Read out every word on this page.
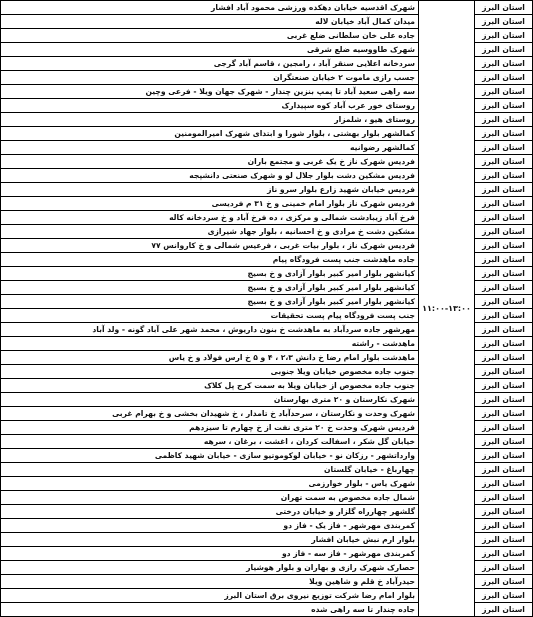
شهرک اقدسیه خیابان دهکده ورزشی محمود آباد افشار	۱۱:۰۰-۱۳:۰۰	استان البرز
میدان کمال آباد خیابان لاله		استان البرز
جاده علی خان سلطانی ضلع غربی		استان البرز
شهرک طاووسیه ضلع شرقی		استان البرز
سردخانه اعلایی سنقر آباد ، رامجین ، قاسم آباد گرجی		استان البرز
جسب رازی ماموت ۲ خیابان صنعتگران		استان البرز
سه راهی سعید آباد تا پمپ بنزین چندار - شهرک جهان ویلا - فرعی وچین		استان البرز
روستای خور عرب آباد کوه سپیدارک		استان البرز
روستای هیو ، شلمزار		استان البرز
کمالشهر بلوار بهشتی ، بلوار شورا و ابتدای شهرک امیرالمومنین		استان البرز
کمالشهر رضوانیه		استان البرز
فردیس شهرک ناز خ یک غربی و مجتمع باران		استان البرز
فردیس مشکین دشت بلوار جلال لو و شهرک صنعتی دانشپجه		استان البرز
فردیس خیابان شهید زارع بلوار سرو ناز		استان البرز
فردیس شهرک ناز بلوار امام خمینی و خ ۳۱ م فردیسی		استان البرز
فرخ آباد زیبادشت شمالی و مرکزی ، ده فرخ آباد و خ سردخانه کاله		استان البرز
مشکین دشت خ مرادی و خ احسانیه ، بلوار جهاد شیرازی		استان البرز
فردیس شهرک ناز ، بلوار بیات غربی ، فرعیس شمالی و خ کاروانس ۷۷		استان البرز
جاده ماهدشت جنب پست فرودگاه پیام		استان البرز
کیانشهر بلوار امیر کبیر بلوار آزادی و خ بسیج		استان البرز
کیانشهر بلوار امیر کبیر بلوار آزادی و خ بسیج		استان البرز
کیانشهر بلوار امیر کبیر بلوار آزادی و خ بسیج		استان البرز
جنب پست فرودگاه پیام پست تحقیقات		استان البرز
مهرشهر جاده سردآباد به ماهدشت خ بنون داریوش ، محمد شهر علی آباد گونه - ولد آباد		استان البرز
ماهدشت - راشته		استان البرز
ماهدشت بلوار امام رضا خ دانش ۲،۳ ، ۴ و ۵ خ ارس فولاد و خ یاس		استان البرز
جنوب جاده مخصوص خیابان ویلا جنوبی		استان البرز
جنوب جاده مخصوص از خیابان ویلا به سمت کرج پل کلاک		استان البرز
شهرک نکارستان و ۲۰ متری بهارستان		استان البرز
شهرک وحدت و نکارستان ، سرحدآباد خ تامدار ، خ شهیدان بخشی و خ بهرام غربی		استان البرز
فردیس شهرک وحدت خ ۲۰ متری نفت از خ چهارم تا سیزدهم		استان البرز
خیابان گل شکر ، اسفالت کردان ، اغشت ، برغان ، سرهه		استان البرز
وارداتشهر - رزکان نو - خیابان لوکوموتیو سازی - خیابان شهید کاظمی		استان البرز
چهارباغ - خیابان گلستان		استان البرز
شهرک یاس - بلوار خوارزمی		استان البرز
شمال جاده مخصوص به سمت تهران		استان البرز
گلشهر چهارراه گلزار و خیابان درختی		استان البرز
کمربندی مهرشهر - فاز یک - فاز دو		استان البرز
بلوار ارم نبش خیابان افشار		استان البرز
کمربندی مهرشهر - فاز سه - فاز دو		استان البرز
حصارک شهرک رازی و بهاران و بلوار هوشیار		استان البرز
حیدرآباد خ قلم و شاهین ویلا		استان البرز
بلوار امام رضا شرکت توزیع نیروی برق استان البرز		استان البرز
جاده چندار تا سه راهی شده		استان البرز
